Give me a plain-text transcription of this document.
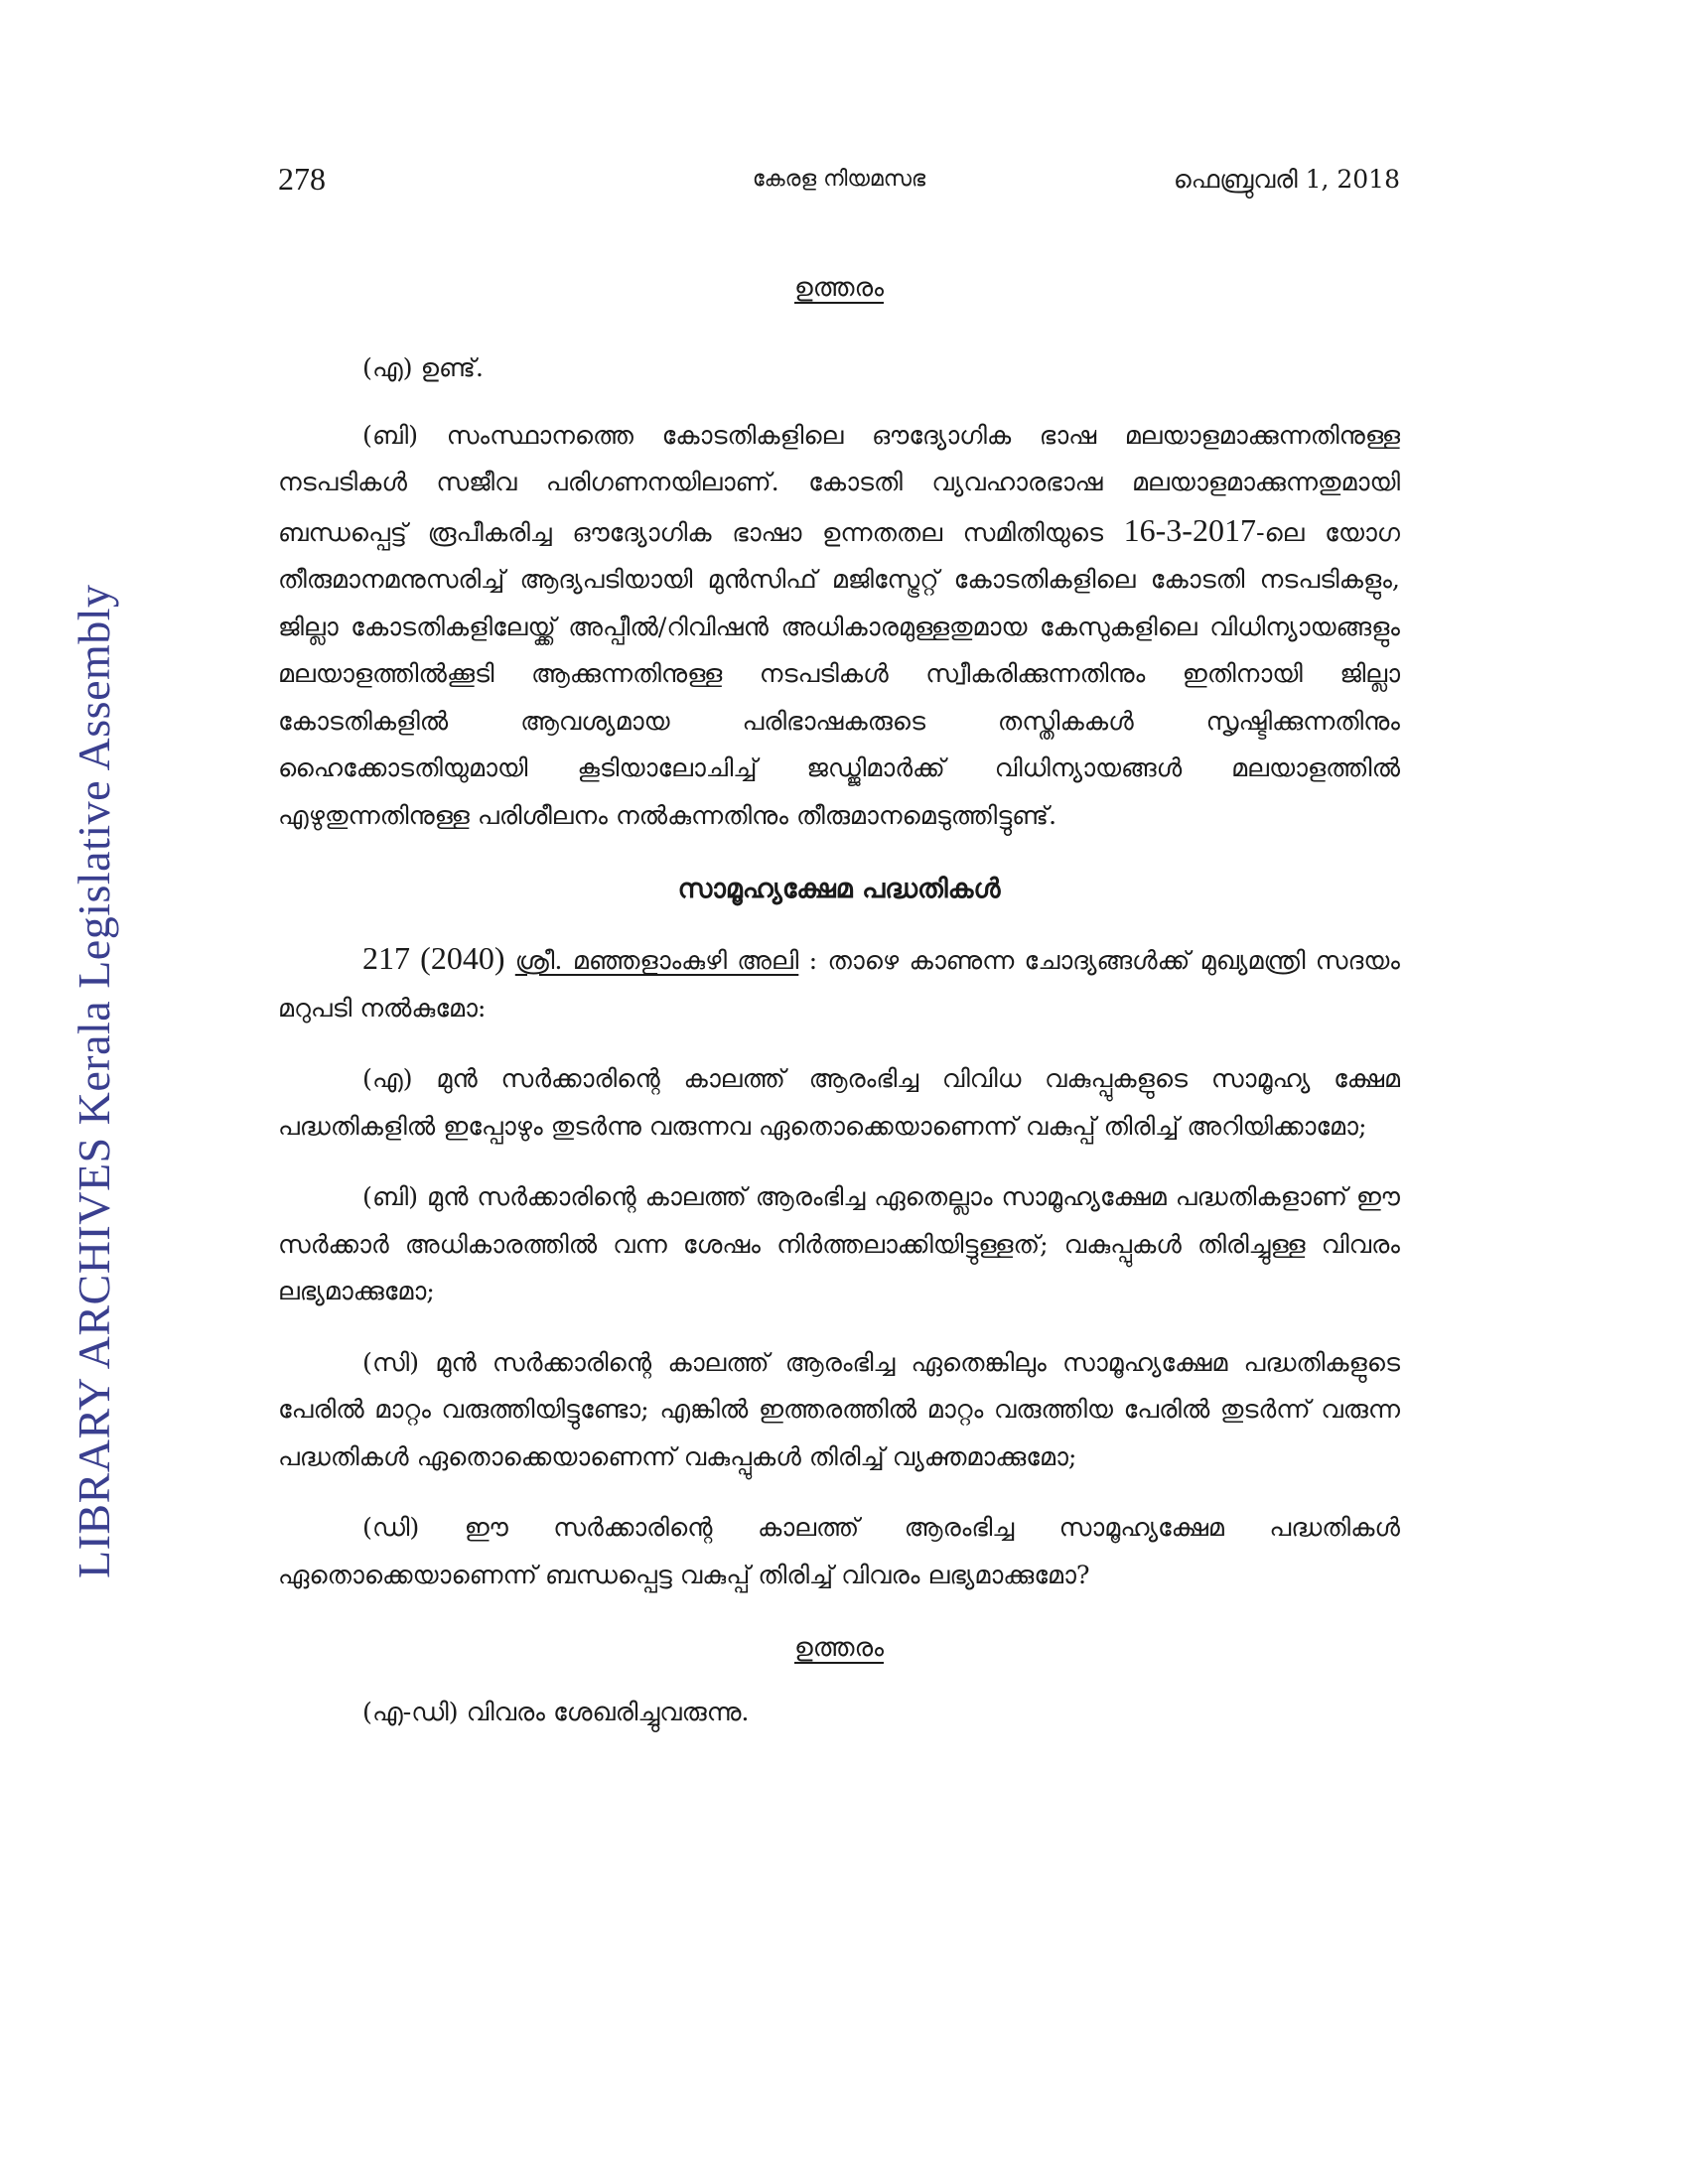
LIBRARY ARCHIVES Kerala Legislative Assembly
278	കേരള നിയമസഭ	ഫെബ്രുവരി 1, 2018

ഉത്തരം

(എ) ഉണ്ട്.

(ബി) സംസ്ഥാനത്തെ കോടതികളിലെ ഔദ്യോഗിക ഭാഷ മലയാളമാക്കുന്നതിനുള്ള നടപടികൾ സജീവ പരിഗണനയിലാണ്. കോടതി വ്യവഹാരഭാഷ മലയാളമാക്കുന്നതുമായി ബന്ധപ്പെട്ട് രൂപീകരിച്ച ഔദ്യോഗിക ഭാഷാ ഉന്നതതല സമിതിയുടെ 16-3-2017-ലെ യോഗ തീരുമാനമനുസരിച്ച് ആദ്യപടിയായി മുൻസിഫ് മജിസ്ട്രേറ്റ് കോടതികളിലെ കോടതി നടപടികളും, ജില്ലാ കോടതികളിലേയ്ക്ക് അപ്പീൽ/റിവിഷൻ അധികാരമുള്ളതുമായ കേസുകളിലെ വിധിന്യായങ്ങളും മലയാളത്തിൽക്കൂടി ആക്കുന്നതിനുള്ള നടപടികൾ സ്വീകരിക്കുന്നതിനും ഇതിനായി ജില്ലാ കോടതികളിൽ ആവശ്യമായ പരിഭാഷകരുടെ തസ്തികകൾ സൃഷ്ടിക്കുന്നതിനും ഹൈക്കോടതിയുമായി കൂടിയാലോചിച്ച് ജഡ്ജിമാർക്ക് വിധിന്യായങ്ങൾ മലയാളത്തിൽ എഴുതുന്നതിനുള്ള പരിശീലനം നൽകുന്നതിനും തീരുമാനമെടുത്തിട്ടുണ്ട്.

സാമൂഹ്യക്ഷേമ പദ്ധതികൾ

217 (2040) ശ്രീ. മഞ്ഞളാംകുഴി അലി : താഴെ കാണുന്ന ചോദ്യങ്ങൾക്ക് മുഖ്യമന്ത്രി സദയം മറുപടി നൽകുമോ:

(എ) മുൻ സർക്കാരിന്റെ കാലത്ത് ആരംഭിച്ച വിവിധ വകുപ്പുകളുടെ സാമൂഹ്യ ക്ഷേമ പദ്ധതികളിൽ ഇപ്പോഴും തുടർന്നു വരുന്നവ ഏതൊക്കെയാണെന്ന് വകുപ്പ് തിരിച്ച് അറിയിക്കാമോ;

(ബി) മുൻ സർക്കാരിന്റെ കാലത്ത് ആരംഭിച്ച ഏതെല്ലാം സാമൂഹ്യക്ഷേമ പദ്ധതികളാണ് ഈ സർക്കാർ അധികാരത്തിൽ വന്ന ശേഷം നിർത്തലാക്കിയിട്ടുള്ളത്; വകുപ്പുകൾ തിരിച്ചുള്ള വിവരം ലഭ്യമാക്കുമോ;

(സി) മുൻ സർക്കാരിന്റെ കാലത്ത് ആരംഭിച്ച ഏതെങ്കിലും സാമൂഹ്യക്ഷേമ പദ്ധതികളുടെ പേരിൽ മാറ്റം വരുത്തിയിട്ടുണ്ടോ; എങ്കിൽ ഇത്തരത്തിൽ മാറ്റം വരുത്തിയ പേരിൽ തുടർന്ന് വരുന്ന പദ്ധതികൾ ഏതൊക്കെയാണെന്ന് വകുപ്പുകൾ തിരിച്ച് വ്യക്തമാക്കുമോ;

(ഡി) ഈ സർക്കാരിന്റെ കാലത്ത് ആരംഭിച്ച സാമൂഹ്യക്ഷേമ പദ്ധതികൾ ഏതൊക്കെയാണെന്ന് ബന്ധപ്പെട്ട വകുപ്പ് തിരിച്ച് വിവരം ലഭ്യമാക്കുമോ?

ഉത്തരം

(എ-ഡി) വിവരം ശേഖരിച്ചുവരുന്നു.
